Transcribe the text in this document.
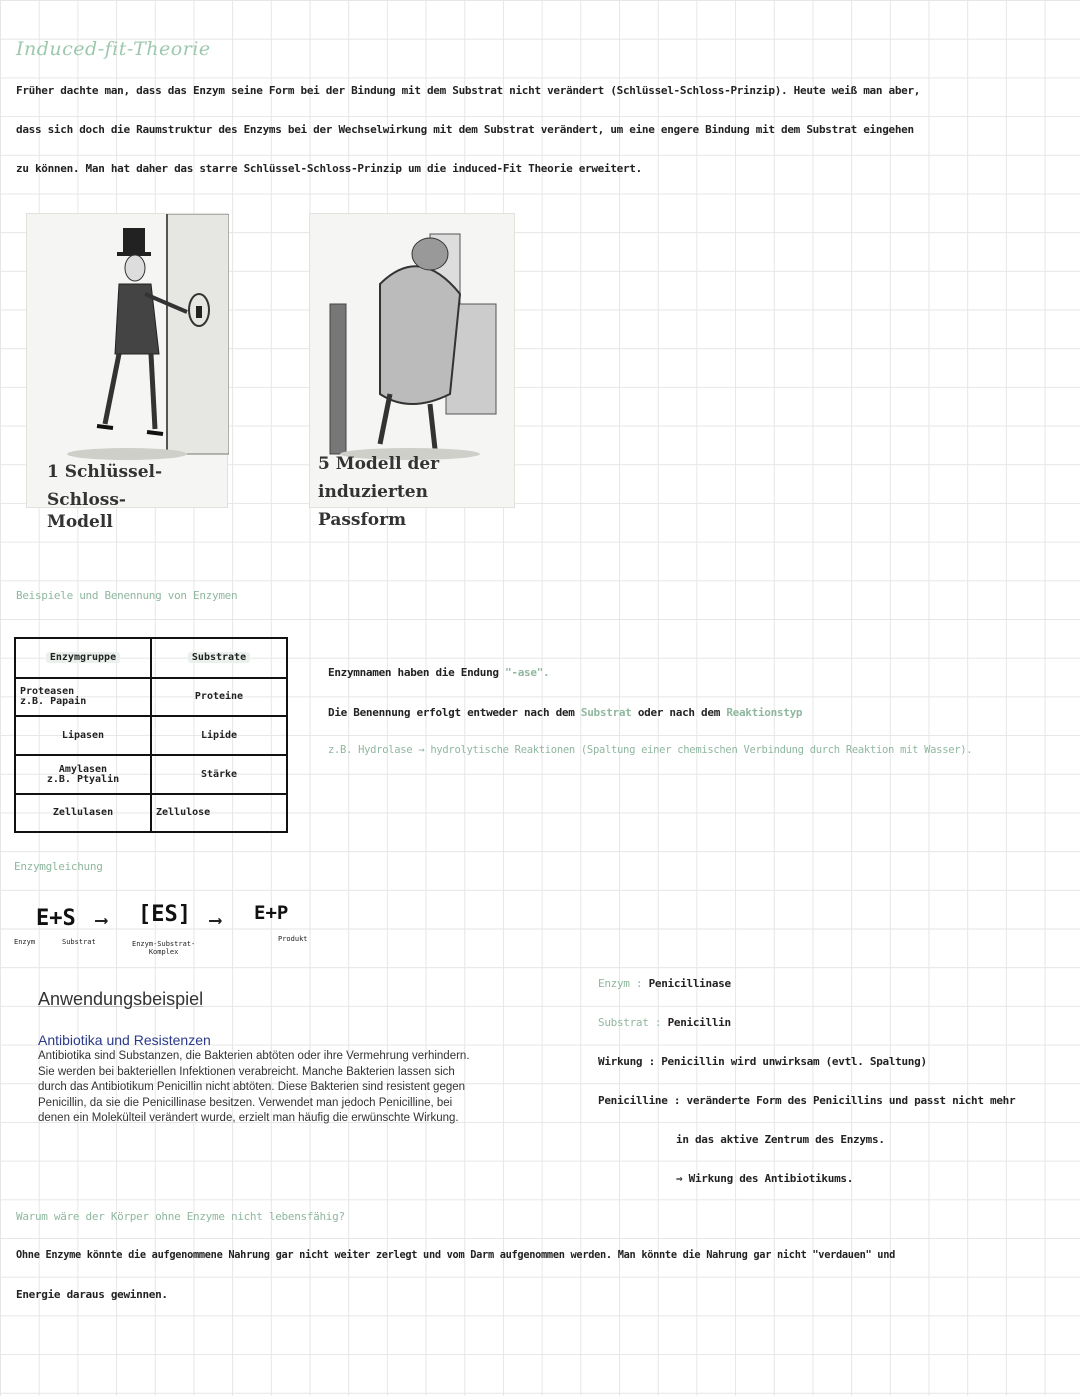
Induced-fit-Theorie
Früher dachte man, dass das Enzym seine Form bei der Bindung mit dem Substrat nicht verändert (Schlüssel-Schloss-Prinzip). Heute weiß man aber,
dass sich doch die Raumstruktur des Enzyms bei der Wechselwirkung mit dem Substrat verändert, um eine engere Bindung mit dem Substrat eingehen
zu können. Man hat daher das starre Schlüssel-Schloss-Prinzip um die induced-Fit Theorie erweitert.
1 Schlüssel-Schloss-
Modell
5 Modell der
induzierten Passform
Beispiele und Benennung von Enzymen
Enzymgruppe	Substrate
Proteasen
z.B. Papain	Proteine
Lipasen	Lipide
Amylasen
z.B. Ptyalin	Stärke
Zellulasen	Zellulose
Enzymnamen haben die Endung "-ase".
Die Benennung erfolgt entweder nach dem Substrat oder nach dem Reaktionstyp
z.B. Hydrolase → hydrolytische Reaktionen (Spaltung einer chemischen Verbindung durch Reaktion mit Wasser).
Enzymgleichung
E+S ⟶ [ES] ⟶ E+P
Enzym	Substrat	Enzym-Substrat-
Komplex
Produkt
Anwendungsbeispiel
Antibiotika und Resistenzen
Antibiotika sind Substanzen, die Bakterien abtöten oder ihre Vermehrung verhindern.
Sie werden bei bakteriellen Infektionen verabreicht. Manche Bakterien lassen sich
durch das Antibiotikum Penicillin nicht abtöten. Diese Bakterien sind resistent gegen
Penicillin, da sie die Penicillinase besitzen. Verwendet man jedoch Penicilline, bei
denen ein Molekülteil verändert wurde, erzielt man häufig die erwünschte Wirkung.
Enzym : Penicillinase
Substrat : Penicillin
Wirkung : Penicillin wird unwirksam (evtl. Spaltung)
Penicilline : veränderte Form des Penicillins und passt nicht mehr
in das aktive Zentrum des Enzyms.
⇒ Wirkung des Antibiotikums.
Warum wäre der Körper ohne Enzyme nicht lebensfähig?
Ohne Enzyme könnte die aufgenommene Nahrung gar nicht weiter zerlegt und vom Darm aufgenommen werden. Man könnte die Nahrung gar nicht "verdauen" und
Energie daraus gewinnen.
